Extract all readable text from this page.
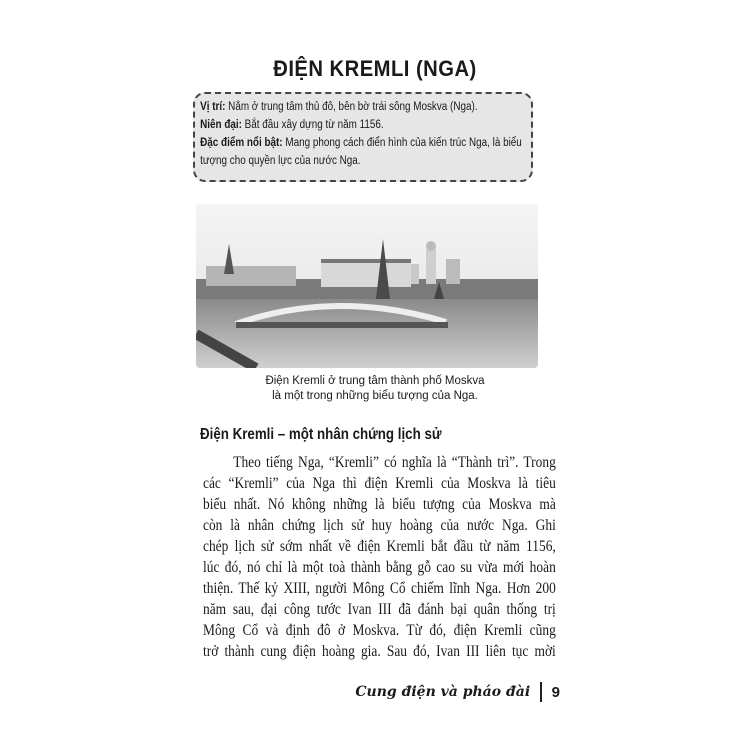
ĐIỆN KREMLI (NGA)
Vị trí: Nằm ở trung tâm thủ đô, bên bờ trái sông Moskva (Nga).
Niên đại: Bắt đầu xây dựng từ năm 1156.
Đặc điểm nổi bật: Mang phong cách điển hình của kiến trúc Nga, là biểu tượng cho quyền lực của nước Nga.
Điện Kremli ở trung tâm thành phố Moskva
là một trong những biểu tượng của Nga.
Điện Kremli – một nhân chứng lịch sử
Theo tiếng Nga, “Kremli” có nghĩa là “Thành trì”. Trong
các “Kremli” của Nga thì điện Kremli của Moskva là tiêu
biểu nhất. Nó không những là biểu tượng của Moskva mà
còn là nhân chứng lịch sử huy hoàng của nước Nga. Ghi
chép lịch sử sớm nhất về điện Kremli bắt đầu từ năm 1156,
lúc đó, nó chỉ là một toà thành bằng gỗ cao su vừa mới hoàn
thiện. Thế kỷ XIII, người Mông Cổ chiếm lĩnh Nga. Hơn 200
năm sau, đại công tước Ivan III đã đánh bại quân thống trị
Mông Cổ và định đô ở Moskva. Từ đó, điện Kremli cũng
trở thành cung điện hoàng gia. Sau đó, Ivan III liên tục mời
Cung điện và pháo đài 9
